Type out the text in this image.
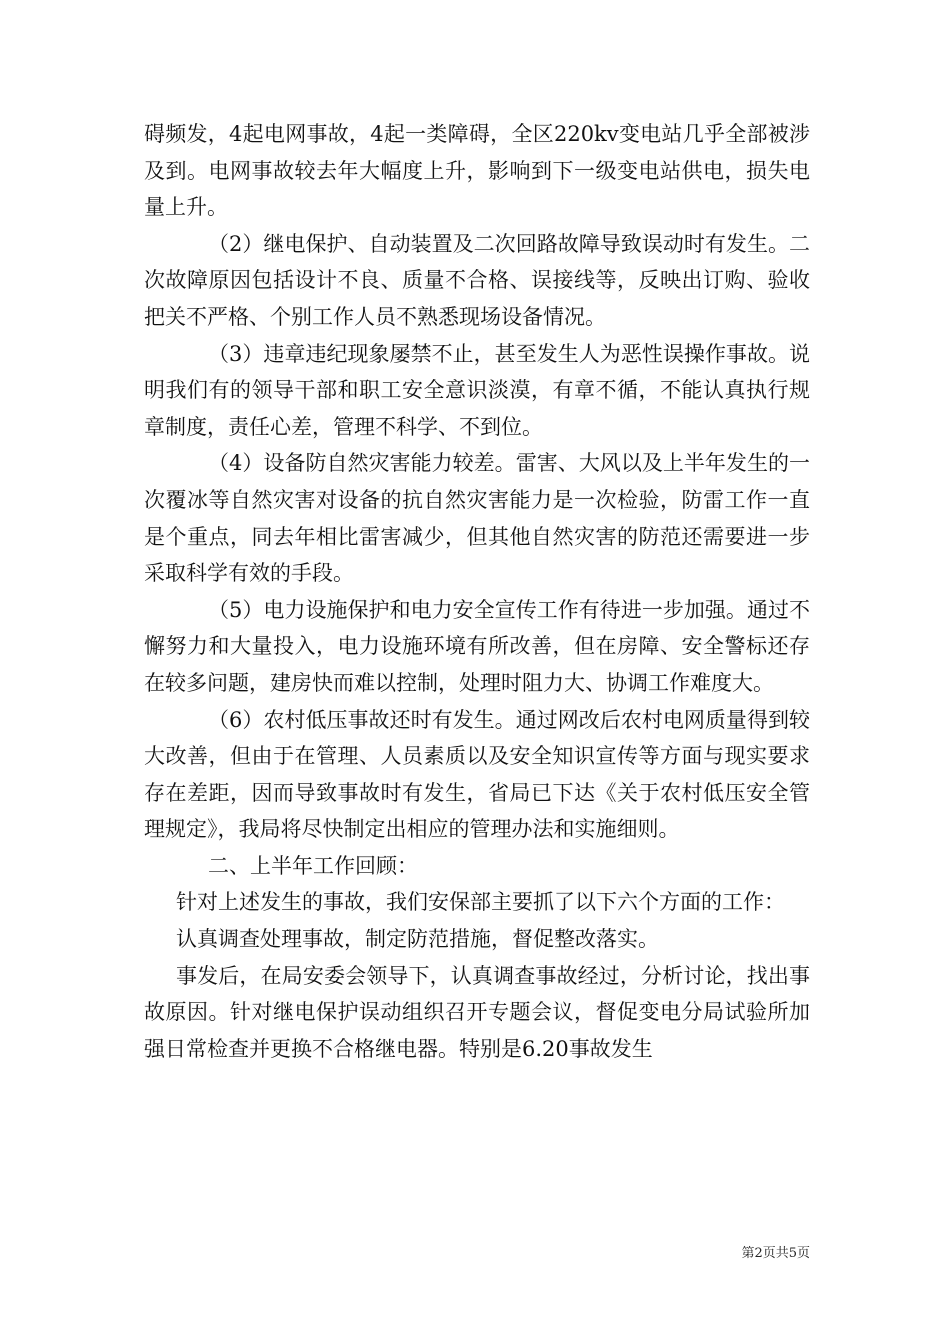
碍频发，4起电网事故，4起一类障碍，全区220kv变电站几乎全部被涉及到。电网事故较去年大幅度上升，影响到下一级变电站供电，损失电量上升。

（2）继电保护、自动装置及二次回路故障导致误动时有发生。二次故障原因包括设计不良、质量不合格、误接线等，反映出订购、验收把关不严格、个别工作人员不熟悉现场设备情况。

（3）违章违纪现象屡禁不止，甚至发生人为恶性误操作事故。说明我们有的领导干部和职工安全意识淡漠，有章不循，不能认真执行规章制度，责任心差，管理不科学、不到位。

（4）设备防自然灾害能力较差。雷害、大风以及上半年发生的一次覆冰等自然灾害对设备的抗自然灾害能力是一次检验，防雷工作一直是个重点，同去年相比雷害减少，但其他自然灾害的防范还需要进一步采取科学有效的手段。

（5）电力设施保护和电力安全宣传工作有待进一步加强。通过不懈努力和大量投入，电力设施环境有所改善，但在房障、安全警标还存在较多问题，建房快而难以控制，处理时阻力大、协调工作难度大。

（6）农村低压事故还时有发生。通过网改后农村电网质量得到较大改善，但由于在管理、人员素质以及安全知识宣传等方面与现实要求存在差距，因而导致事故时有发生，省局已下达《关于农村低压安全管理规定》，我局将尽快制定出相应的管理办法和实施细则。

二、上半年工作回顾：

针对上述发生的事故，我们安保部主要抓了以下六个方面的工作：

认真调查处理事故，制定防范措施，督促整改落实。

事发后，在局安委会领导下，认真调查事故经过，分析讨论，找出事故原因。针对继电保护误动组织召开专题会议，督促变电分局试验所加强日常检查并更换不合格继电器。特别是6.20事故发生

第2页共5页
